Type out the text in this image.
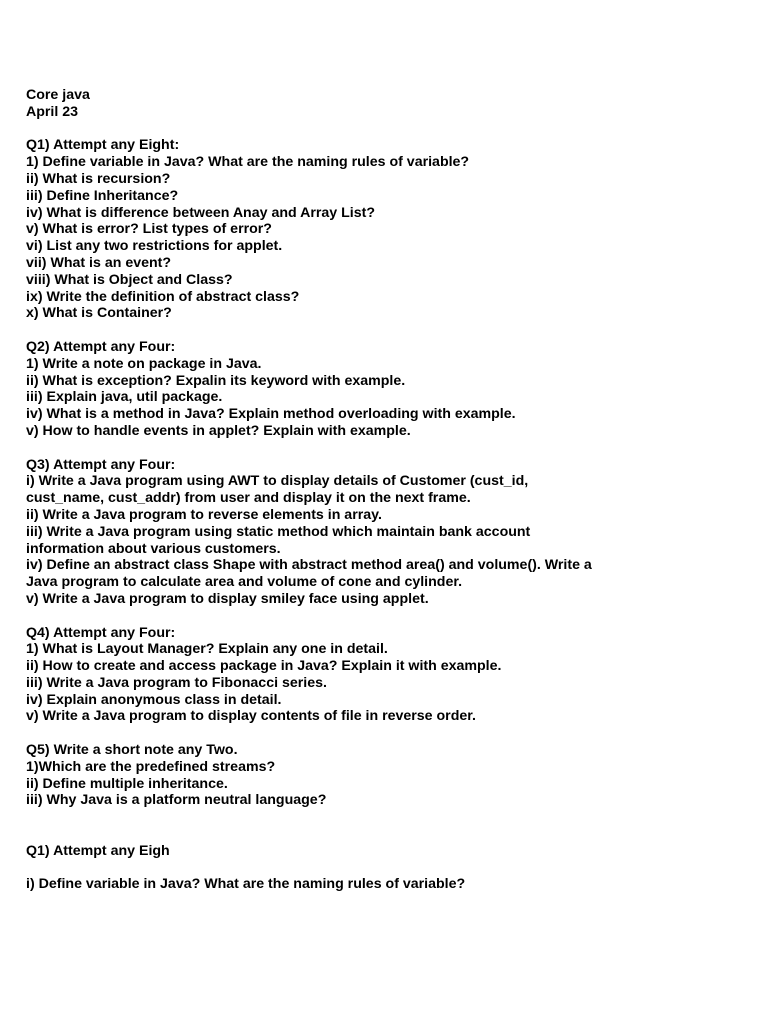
Core java
April 23
Q1) Attempt any Eight:
1) Define variable in Java? What are the naming rules of variable?
ii) What is recursion?
iii) Define Inheritance?
iv) What is difference between Anay and Array List?
v) What is error? List types of error?
vi) List any two restrictions for applet.
vii) What is an event?
viii) What is Object and Class?
ix) Write the definition of abstract class?
x) What is Container?
Q2) Attempt any Four:
1) Write a note on package in Java.
ii) What is exception? Expalin its keyword with example.
iii) Explain java, util package.
iv) What is a method in Java? Explain method overloading with example.
v) How to handle events in applet? Explain with example.
Q3) Attempt any Four:
i) Write a Java program using AWT to display details of Customer (cust_id,
cust_name, cust_addr) from user and display it on the next frame.
ii) Write a Java program to reverse elements in array.
iii) Write a Java program using static method which maintain bank account
information about various customers.
iv) Define an abstract class Shape with abstract method area() and volume(). Write a
Java program to calculate area and volume of cone and cylinder.
v) Write a Java program to display smiley face using applet.
Q4) Attempt any Four:
1) What is Layout Manager? Explain any one in detail.
ii) How to create and access package in Java? Explain it with example.
iii) Write a Java program to Fibonacci series.
iv) Explain anonymous class in detail.
v) Write a Java program to display contents of file in reverse order.
Q5) Write a short note any Two.
1)Which are the predefined streams?
ii) Define multiple inheritance.
iii) Why Java is a platform neutral language?
Q1) Attempt any Eigh
i) Define variable in Java? What are the naming rules of variable?
